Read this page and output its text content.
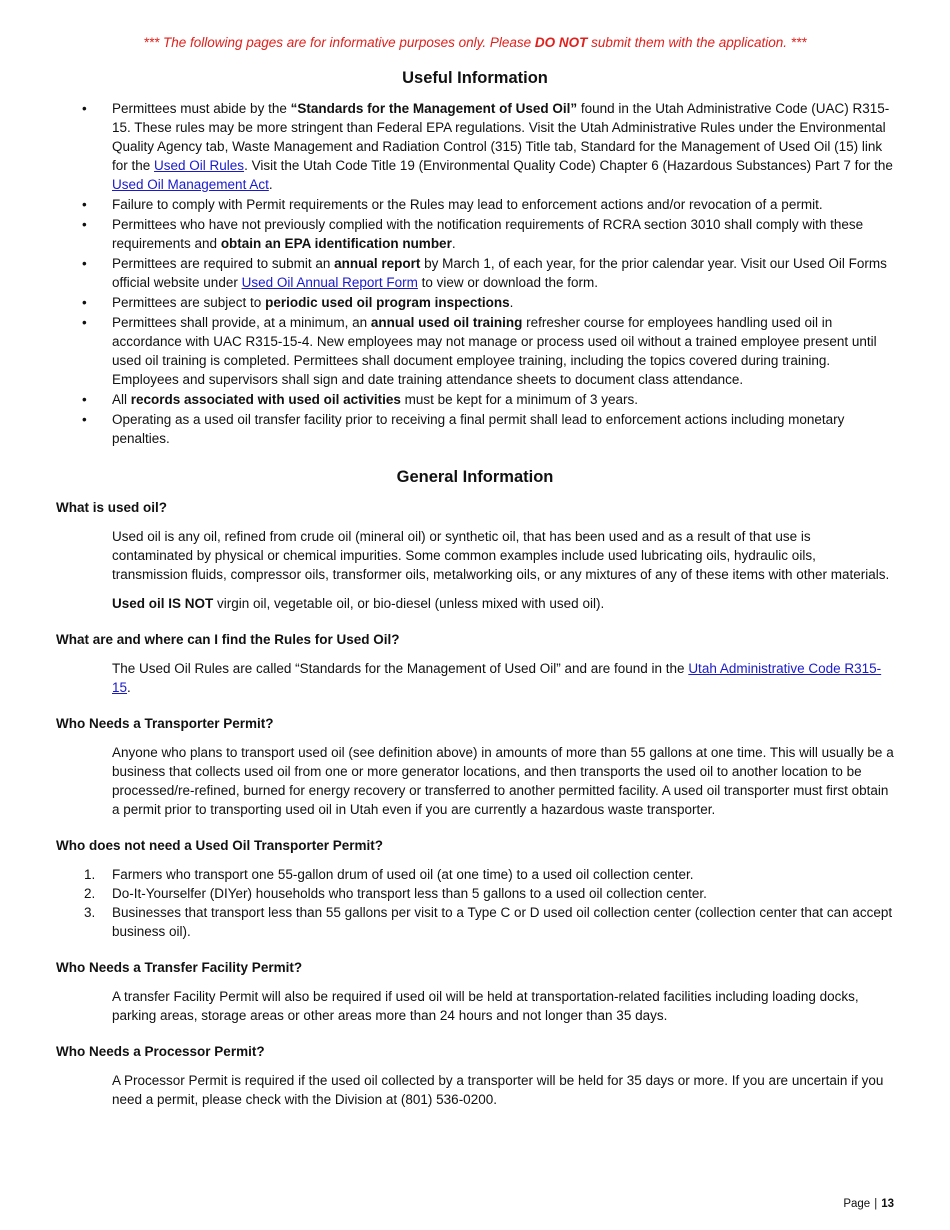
*** The following pages are for informative purposes only. Please DO NOT submit them with the application. ***

Useful Information
• Permittees must abide by the “Standards for the Management of Used Oil” found in the Utah Administrative Code (UAC) R315-15. These rules may be more stringent than Federal EPA regulations. Visit the Utah Administrative Rules under the Environmental Quality Agency tab, Waste Management and Radiation Control (315) Title tab, Standard for the Management of Used Oil (15) link for the Used Oil Rules. Visit the Utah Code Title 19 (Environmental Quality Code) Chapter 6 (Hazardous Substances) Part 7 for the Used Oil Management Act.
• Failure to comply with Permit requirements or the Rules may lead to enforcement actions and/or revocation of a permit.
• Permittees who have not previously complied with the notification requirements of RCRA section 3010 shall comply with these requirements and obtain an EPA identification number.
• Permittees are required to submit an annual report by March 1, of each year, for the prior calendar year. Visit our Used Oil Forms official website under Used Oil Annual Report Form to view or download the form.
• Permittees are subject to periodic used oil program inspections.
• Permittees shall provide, at a minimum, an annual used oil training refresher course for employees handling used oil in accordance with UAC R315-15-4. New employees may not manage or process used oil without a trained employee present until used oil training is completed. Permittees shall document employee training, including the topics covered during training. Employees and supervisors shall sign and date training attendance sheets to document class attendance.
• All records associated with used oil activities must be kept for a minimum of 3 years.
• Operating as a used oil transfer facility prior to receiving a final permit shall lead to enforcement actions including monetary penalties.
General Information
What is used oil?

Used oil is any oil, refined from crude oil (mineral oil) or synthetic oil, that has been used and as a result of that use is contaminated by physical or chemical impurities. Some common examples include used lubricating oils, hydraulic oils, transmission fluids, compressor oils, transformer oils, metalworking oils, or any mixtures of any of these items with other materials.

Used oil IS NOT virgin oil, vegetable oil, or bio-diesel (unless mixed with used oil).

What are and where can I find the Rules for Used Oil?

The Used Oil Rules are called “Standards for the Management of Used Oil” and are found in the Utah Administrative Code R315-15.

Who Needs a Transporter Permit?

Anyone who plans to transport used oil (see definition above) in amounts of more than 55 gallons at one time. This will usually be a business that collects used oil from one or more generator locations, and then transports the used oil to another location to be processed/re-refined, burned for energy recovery or transferred to another permitted facility. A used oil transporter must first obtain a permit prior to transporting used oil in Utah even if you are currently a hazardous waste transporter.

Who does not need a Used Oil Transporter Permit?
1. Farmers who transport one 55-gallon drum of used oil (at one time) to a used oil collection center.
2. Do-It-Yourselfer (DIYer) households who transport less than 5 gallons to a used oil collection center.
3. Businesses that transport less than 55 gallons per visit to a Type C or D used oil collection center (collection center that can accept business oil).
Who Needs a Transfer Facility Permit?

A transfer Facility Permit will also be required if used oil will be held at transportation-related facilities including loading docks, parking areas, storage areas or other areas more than 24 hours and not longer than 35 days.

Who Needs a Processor Permit?

A Processor Permit is required if the used oil collected by a transporter will be held for 35 days or more. If you are uncertain if you need a permit, please check with the Division at (801) 536-0200.

Page | 13
